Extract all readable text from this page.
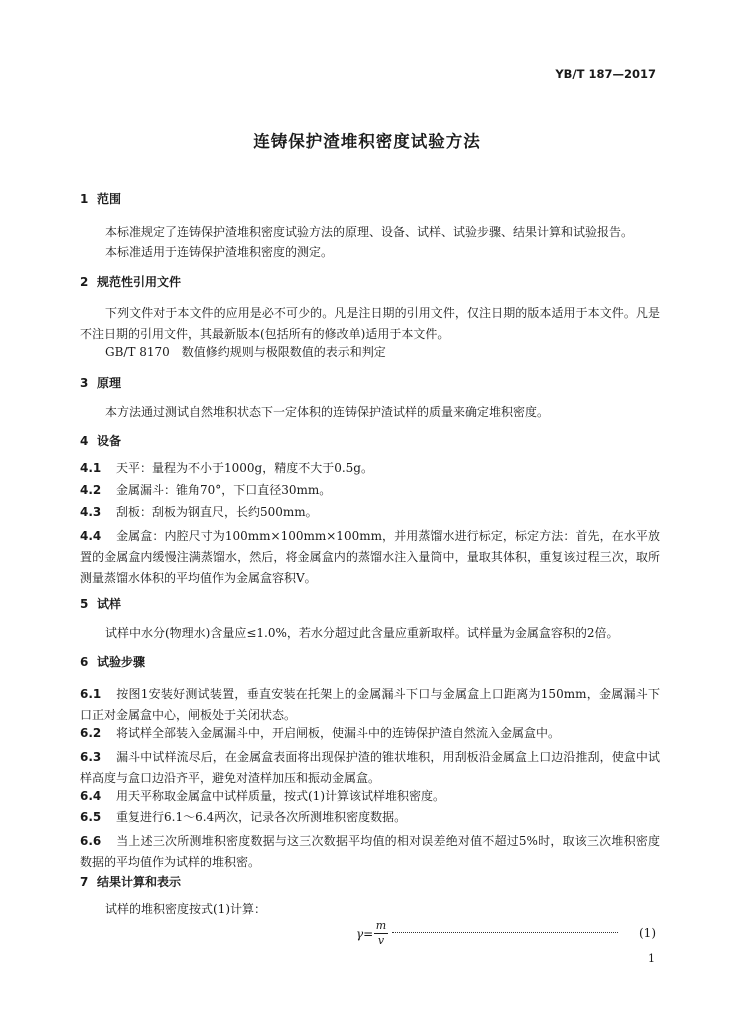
YB/T 187—2017
连铸保护渣堆积密度试验方法
1 范围
本标准规定了连铸保护渣堆积密度试验方法的原理、设备、试样、试验步骤、结果计算和试验报告。
本标准适用于连铸保护渣堆积密度的测定。
2 规范性引用文件
下列文件对于本文件的应用是必不可少的。凡是注日期的引用文件，仅注日期的版本适用于本文件。凡是不注日期的引用文件，其最新版本(包括所有的修改单)适用于本文件。
GB/T 8170　数值修约规则与极限数值的表示和判定
3 原理
本方法通过测试自然堆积状态下一定体积的连铸保护渣试样的质量来确定堆积密度。
4 设备
4.1 天平：量程为不小于1000g，精度不大于0.5g。
4.2 金属漏斗：锥角70°，下口直径30mm。
4.3 刮板：刮板为钢直尺，长约500mm。
4.4 金属盒：内腔尺寸为100mm×100mm×100mm，并用蒸馏水进行标定，标定方法：首先，在水平放置的金属盒内缓慢注满蒸馏水，然后，将金属盒内的蒸馏水注入量筒中，量取其体积，重复该过程三次，取所测量蒸馏水体积的平均值作为金属盒容积V。
5 试样
试样中水分(物理水)含量应≤1.0%，若水分超过此含量应重新取样。试样量为金属盒容积的2倍。
6 试验步骤
6.1 按图1安装好测试装置，垂直安装在托架上的金属漏斗下口与金属盒上口距离为150mm，金属漏斗下口正对金属盒中心，闸板处于关闭状态。
6.2 将试样全部装入金属漏斗中，开启闸板，使漏斗中的连铸保护渣自然流入金属盒中。
6.3 漏斗中试样流尽后，在金属盒表面将出现保护渣的锥状堆积，用刮板沿金属盒上口边沿推刮，使盒中试样高度与盒口边沿齐平，避免对渣样加压和振动金属盒。
6.4 用天平称取金属盒中试样质量，按式(1)计算该试样堆积密度。
6.5 重复进行6.1～6.4两次，记录各次所测堆积密度数据。
6.6 当上述三次所测堆积密度数据与这三次数据平均值的相对误差绝对值不超过5%时，取该三次堆积密度数据的平均值作为试样的堆积密。
7 结果计算和表示
试样的堆积密度按式(1)计算：
γ=
m
v
(1)
1
